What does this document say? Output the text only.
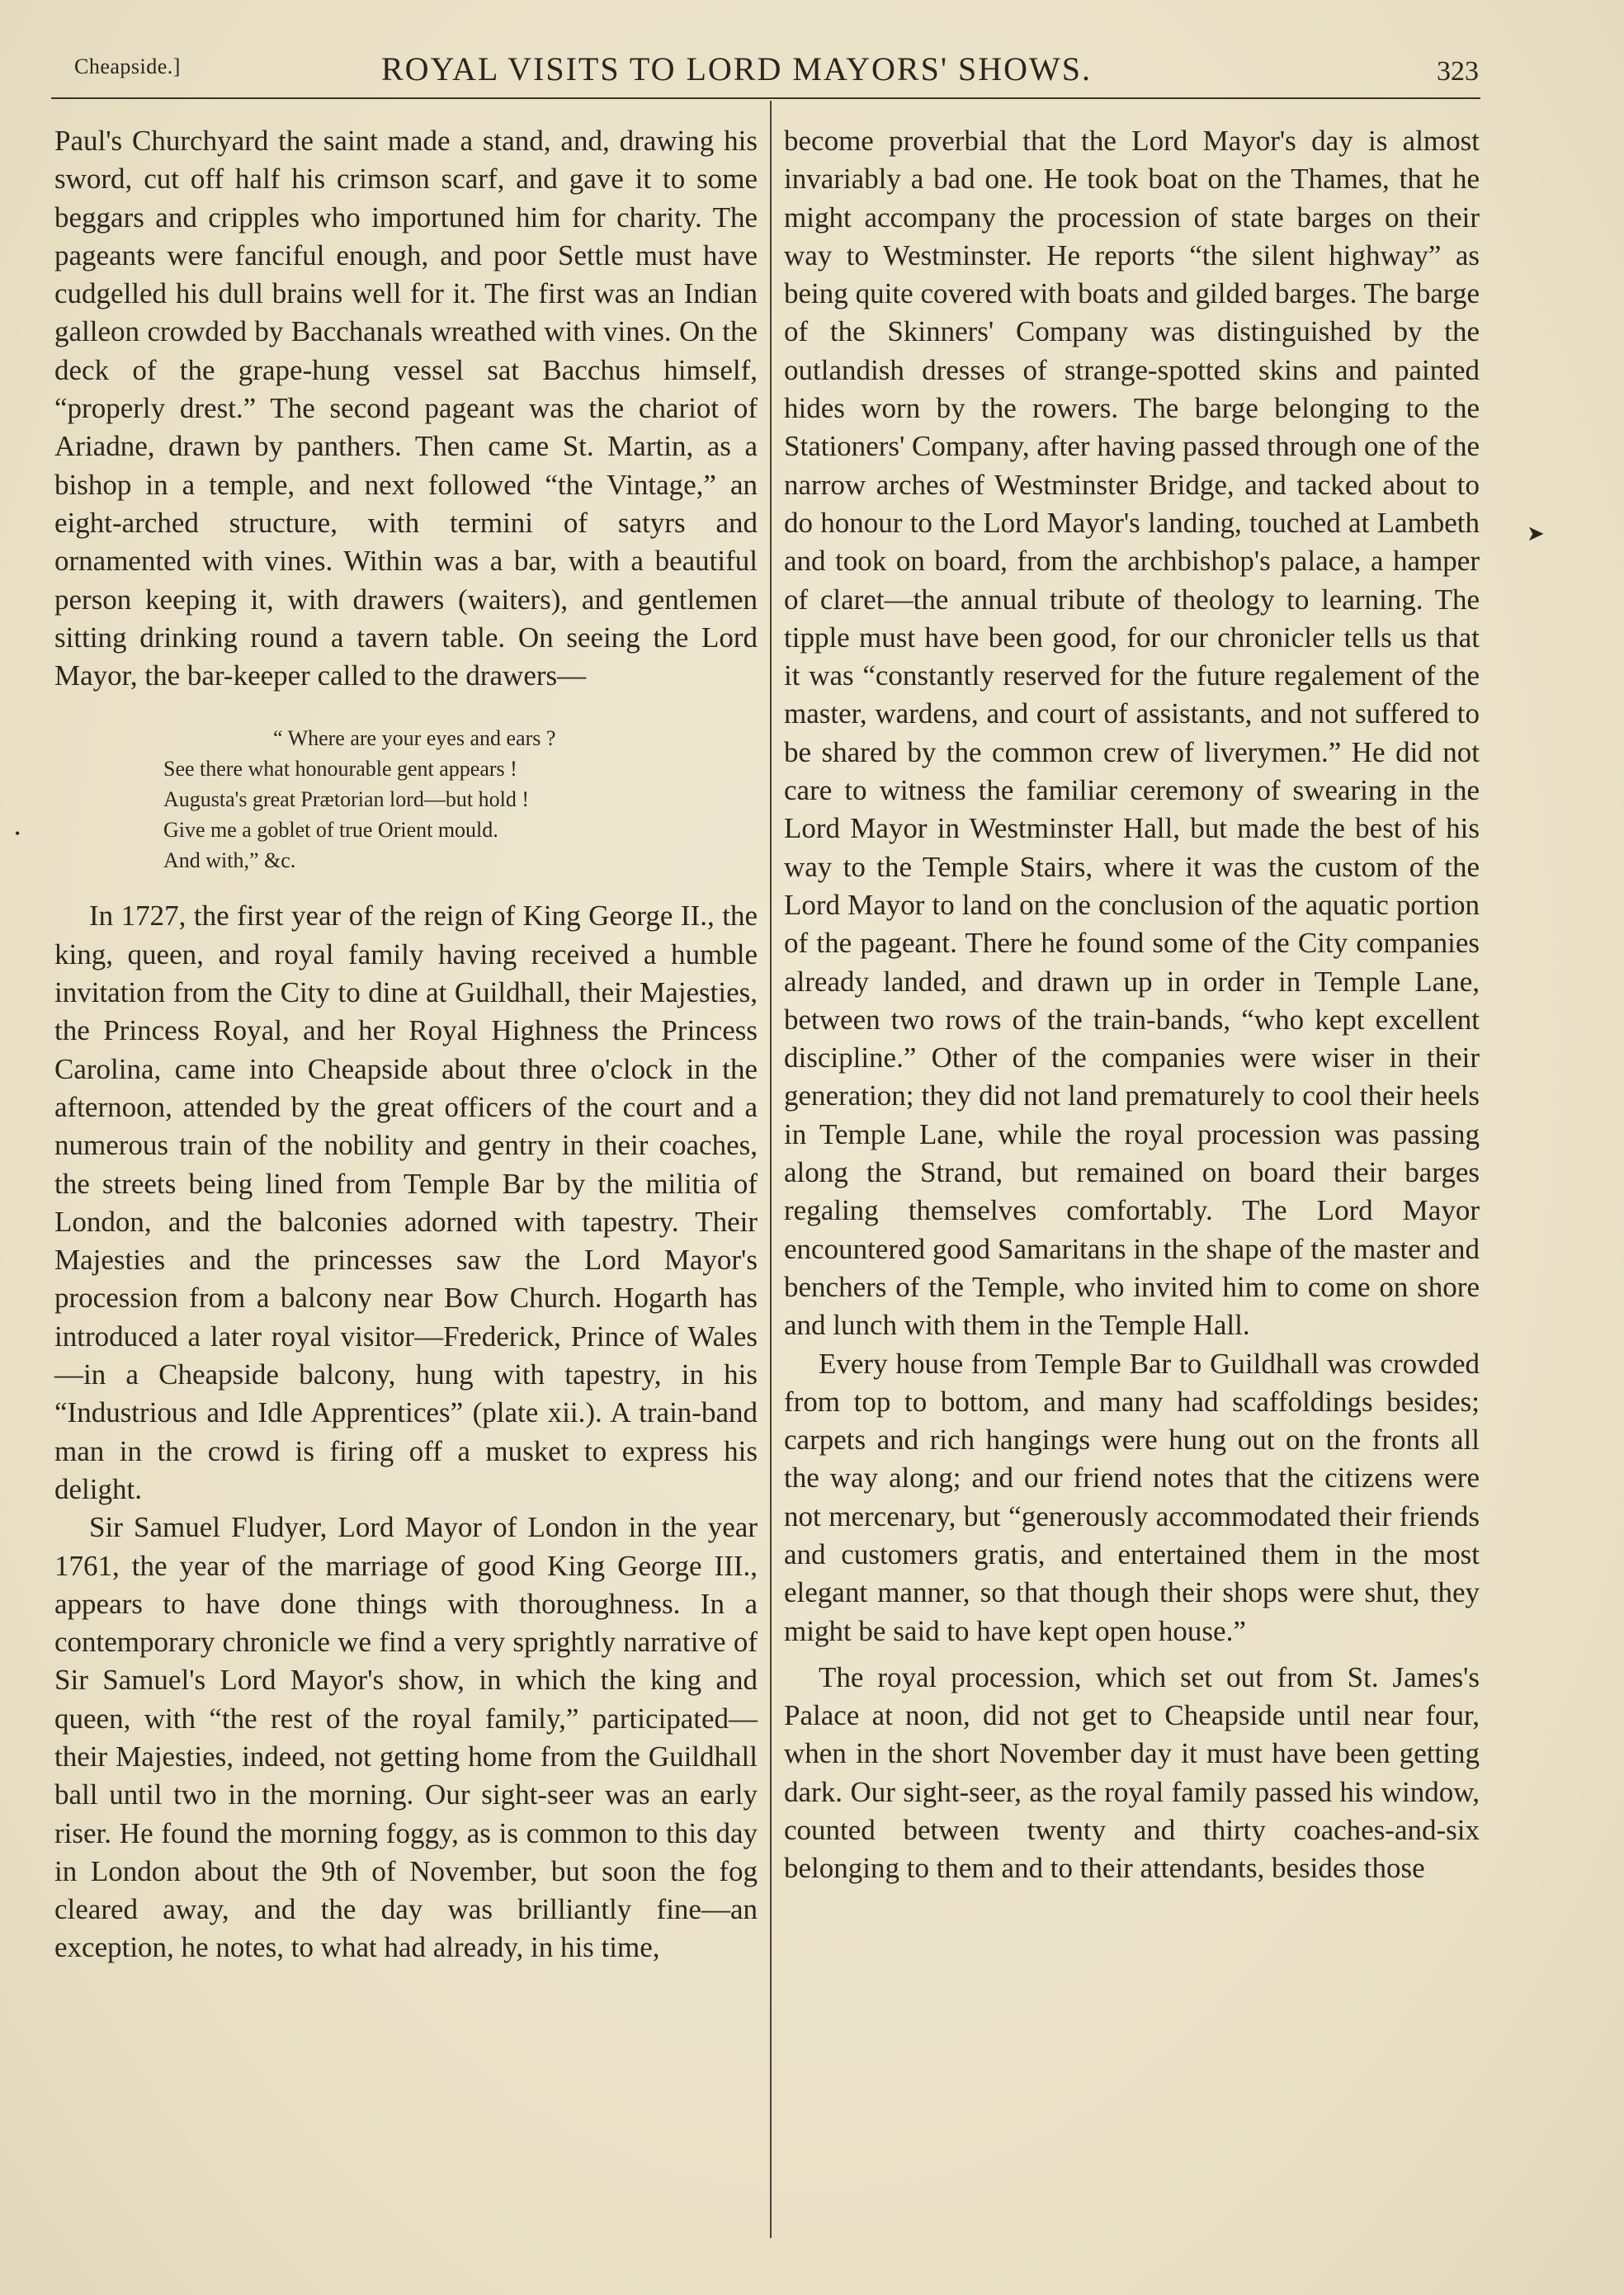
Cheapside.]	ROYAL VISITS TO LORD MAYORS' SHOWS.	323

Paul's Churchyard the saint made a stand, and, drawing his sword, cut off half his crimson scarf, and gave it to some beggars and cripples who importuned him for charity. The pageants were fanciful enough, and poor Settle must have cudgelled his dull brains well for it. The first was an Indian galleon crowded by Bacchanals wreathed with vines. On the deck of the grape-hung vessel sat Bacchus himself, “properly drest.” The second pageant was the chariot of Ariadne, drawn by panthers. Then came St. Martin, as a bishop in a temple, and next followed “the Vintage,” an eight-arched structure, with termini of satyrs and ornamented with vines. Within was a bar, with a beautiful person keeping it, with drawers (waiters), and gentlemen sitting drinking round a tavern table. On seeing the Lord Mayor, the bar-keeper called to the drawers—

“ Where are your eyes and ears ?
See there what honourable gent appears !
Augusta's great Prætorian lord—but hold !
Give me a goblet of true Orient mould.
And with,” &c.

In 1727, the first year of the reign of King George II., the king, queen, and royal family having received a humble invitation from the City to dine at Guildhall, their Majesties, the Princess Royal, and her Royal Highness the Princess Carolina, came into Cheapside about three o'clock in the afternoon, attended by the great officers of the court and a numerous train of the nobility and gentry in their coaches, the streets being lined from Temple Bar by the militia of London, and the balconies adorned with tapestry. Their Majesties and the princesses saw the Lord Mayor's procession from a balcony near Bow Church. Hogarth has introduced a later royal visitor—Frederick, Prince of Wales—in a Cheapside balcony, hung with tapestry, in his “Industrious and Idle Apprentices” (plate xii.). A train-band man in the crowd is firing off a musket to express his delight.

Sir Samuel Fludyer, Lord Mayor of London in the year 1761, the year of the marriage of good King George III., appears to have done things with thoroughness. In a contemporary chronicle we find a very sprightly narrative of Sir Samuel's Lord Mayor's show, in which the king and queen, with “the rest of the royal family,” participated—their Majesties, indeed, not getting home from the Guildhall ball until two in the morning. Our sight-seer was an early riser. He found the morning foggy, as is common to this day in London about the 9th of November, but soon the fog cleared away, and the day was brilliantly fine—an exception, he notes, to what had already, in his time,

become proverbial that the Lord Mayor's day is almost invariably a bad one. He took boat on the Thames, that he might accompany the procession of state barges on their way to Westminster. He reports “the silent highway” as being quite covered with boats and gilded barges. The barge of the Skinners' Company was distinguished by the outlandish dresses of strange-spotted skins and painted hides worn by the rowers. The barge belonging to the Stationers' Company, after having passed through one of the narrow arches of Westminster Bridge, and tacked about to do honour to the Lord Mayor's landing, touched at Lambeth and took on board, from the archbishop's palace, a hamper of claret—the annual tribute of theology to learning. The tipple must have been good, for our chronicler tells us that it was “constantly reserved for the future regalement of the master, wardens, and court of assistants, and not suffered to be shared by the common crew of liverymen.” He did not care to witness the familiar ceremony of swearing in the Lord Mayor in Westminster Hall, but made the best of his way to the Temple Stairs, where it was the custom of the Lord Mayor to land on the conclusion of the aquatic portion of the pageant. There he found some of the City companies already landed, and drawn up in order in Temple Lane, between two rows of the train-bands, “who kept excellent discipline.” Other of the companies were wiser in their generation; they did not land prematurely to cool their heels in Temple Lane, while the royal procession was passing along the Strand, but remained on board their barges regaling themselves comfortably. The Lord Mayor encountered good Samaritans in the shape of the master and benchers of the Temple, who invited him to come on shore and lunch with them in the Temple Hall.

Every house from Temple Bar to Guildhall was crowded from top to bottom, and many had scaffoldings besides; carpets and rich hangings were hung out on the fronts all the way along; and our friend notes that the citizens were not mercenary, but “generously accommodated their friends and customers gratis, and entertained them in the most elegant manner, so that though their shops were shut, they might be said to have kept open house.”

The royal procession, which set out from St. James's Palace at noon, did not get to Cheapside until near four, when in the short November day it must have been getting dark. Our sight-seer, as the royal family passed his window, counted between twenty and thirty coaches-and-six belonging to them and to their attendants, besides those

➤
•
